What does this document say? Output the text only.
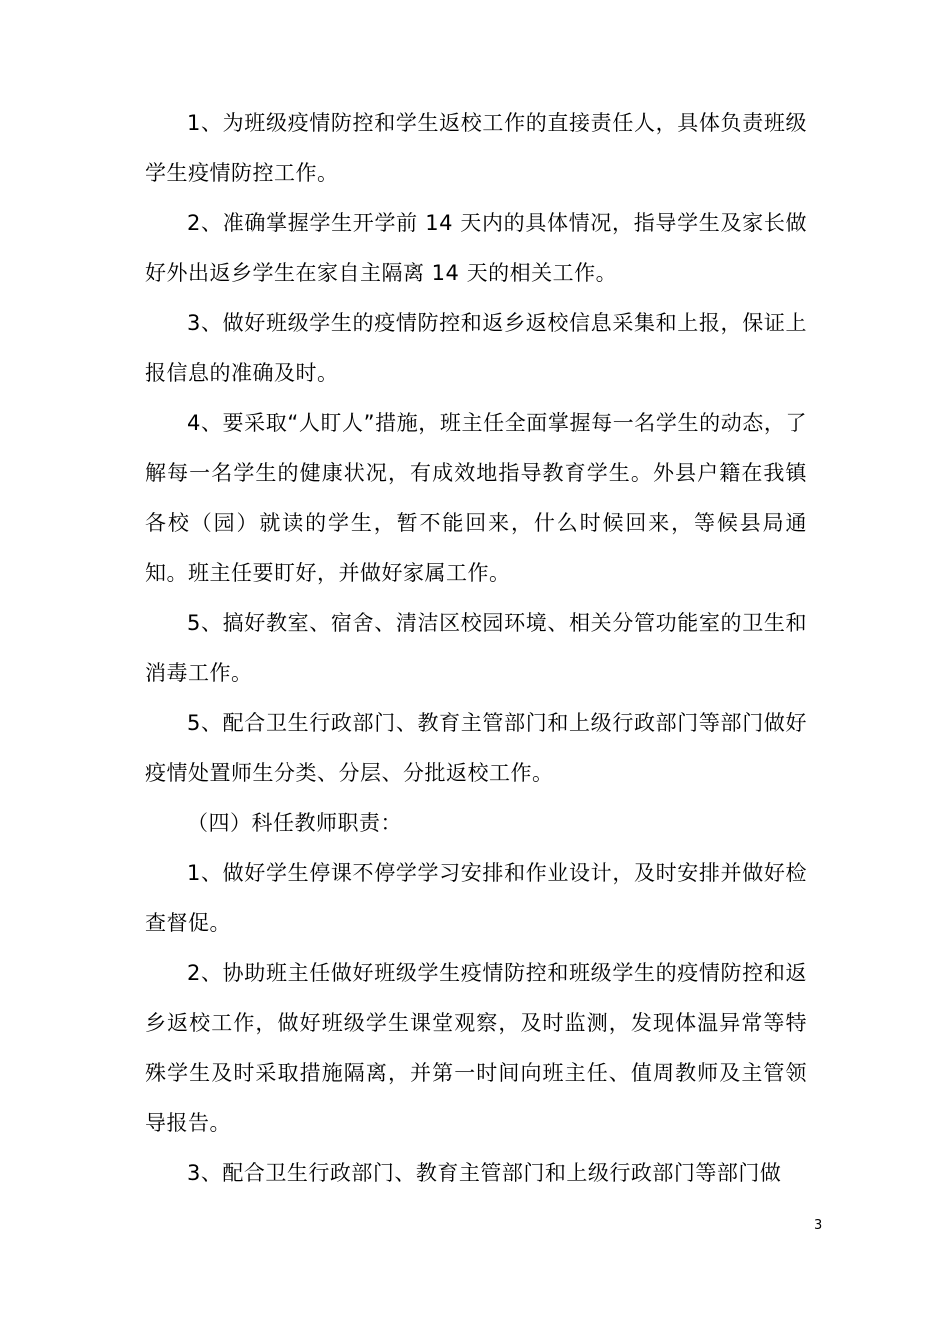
1、为班级疫情防控和学生返校工作的直接责任人，具体负责班级学生疫情防控工作。

2、准确掌握学生开学前 14 天内的具体情况，指导学生及家长做好外出返乡学生在家自主隔离 14 天的相关工作。

3、做好班级学生的疫情防控和返乡返校信息采集和上报，保证上报信息的准确及时。

4、要采取“人盯人”措施，班主任全面掌握每一名学生的动态，了解每一名学生的健康状况，有成效地指导教育学生。外县户籍在我镇各校（园）就读的学生，暂不能回来，什么时候回来，等候县局通知。班主任要盯好，并做好家属工作。

5、搞好教室、宿舍、清洁区校园环境、相关分管功能室的卫生和消毒工作。

5、配合卫生行政部门、教育主管部门和上级行政部门等部门做好疫情处置师生分类、分层、分批返校工作。

（四）科任教师职责：

1、做好学生停课不停学学习安排和作业设计，及时安排并做好检查督促。

2、协助班主任做好班级学生疫情防控和班级学生的疫情防控和返乡返校工作，做好班级学生课堂观察，及时监测，发现体温异常等特殊学生及时采取措施隔离，并第一时间向班主任、值周教师及主管领导报告。

3、配合卫生行政部门、教育主管部门和上级行政部门等部门做

3
